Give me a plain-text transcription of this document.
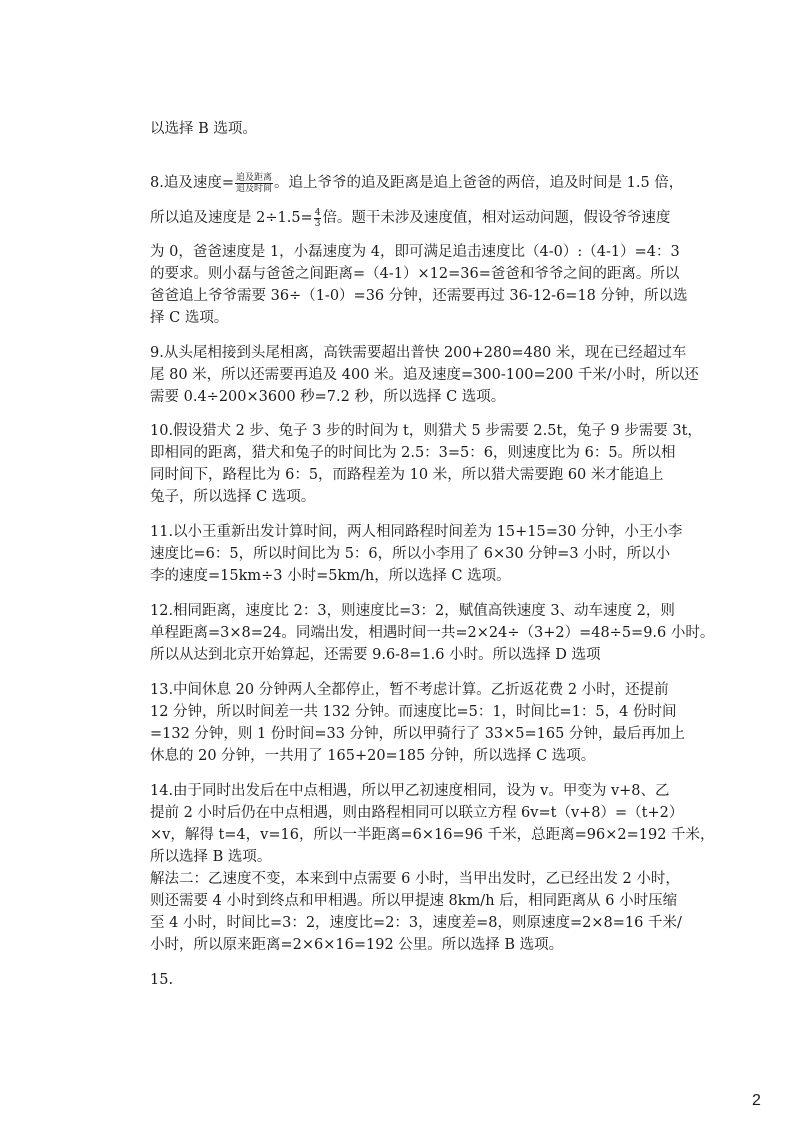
以选择 B 选项。
8.追及速度= $\frac{\text{追及距离}}{\text{追及时间}}$ 。追上爷爷的追及距离是追上爸爸的两倍，追及时间是 1.5 倍，
所以追及速度是 $2\div 1.5= \frac{4}{3}$ 倍。题干未涉及速度值，相对运动问题，假设爷爷速度
为 0，爸爸速度是 1，小磊速度为 4，即可满足追击速度比（4-0）:（4-1）=4：3
的要求。则小磊与爸爸之间距离=（4-1）×12=36=爸爸和爷爷之间的距离。所以
爸爸追上爷爷需要 36÷（1-0）=36 分钟，还需要再过 36-12-6=18 分钟，所以选
择 C 选项。
9.从头尾相接到头尾相离，高铁需要超出普快 200+280=480 米，现在已经超过车
尾 80 米，所以还需要再追及 400 米。追及速度=300-100=200 千米/小时，所以还
需要 0.4÷200×3600 秒=7.2 秒，所以选择 C 选项。
10.假设猎犬 2 步、兔子 3 步的时间为 t，则猎犬 5 步需要 2.5t，兔子 9 步需要 3t，
即相同的距离，猎犬和兔子的时间比为 2.5：3=5：6，则速度比为 6：5。所以相
同时间下，路程比为 6：5，而路程差为 10 米，所以猎犬需要跑 60 米才能追上
兔子，所以选择 C 选项。
11.以小王重新出发计算时间，两人相同路程时间差为 15+15=30 分钟，小王小李
速度比=6：5，所以时间比为 5：6，所以小李用了 6×30 分钟=3 小时，所以小
李的速度=15km÷3 小时=5km/h，所以选择 C 选项。
12.相同距离，速度比 2：3，则速度比=3：2，赋值高铁速度 3、动车速度 2，则
单程距离=3×8=24。同端出发，相遇时间一共=2×24÷（3+2）=48÷5=9.6 小时。
所以从达到北京开始算起，还需要 9.6-8=1.6 小时。所以选择 D 选项
13.中间休息 20 分钟两人全都停止，暂不考虑计算。乙折返花费 2 小时，还提前
12 分钟，所以时间差一共 132 分钟。而速度比=5：1，时间比=1：5，4 份时间
=132 分钟，则 1 份时间=33 分钟，所以甲骑行了 33×5=165 分钟，最后再加上
休息的 20 分钟，一共用了 165+20=185 分钟，所以选择 C 选项。
14.由于同时出发后在中点相遇，所以甲乙初速度相同，设为 v。甲变为 v+8、乙
提前 2 小时后仍在中点相遇，则由路程相同可以联立方程 6v=t（v+8）=（t+2）
×v，解得 t=4，v=16，所以一半距离=6×16=96 千米，总距离=96×2=192 千米，
所以选择 B 选项。
解法二：乙速度不变，本来到中点需要 6 小时，当甲出发时，乙已经出发 2 小时，
则还需要 4 小时到终点和甲相遇。所以甲提速 8km/h 后，相同距离从 6 小时压缩
至 4 小时，时间比=3：2，速度比=2：3，速度差=8，则原速度=2×8=16 千米/
小时，所以原来距离=2×6×16=192 公里。所以选择 B 选项。
15.
2
